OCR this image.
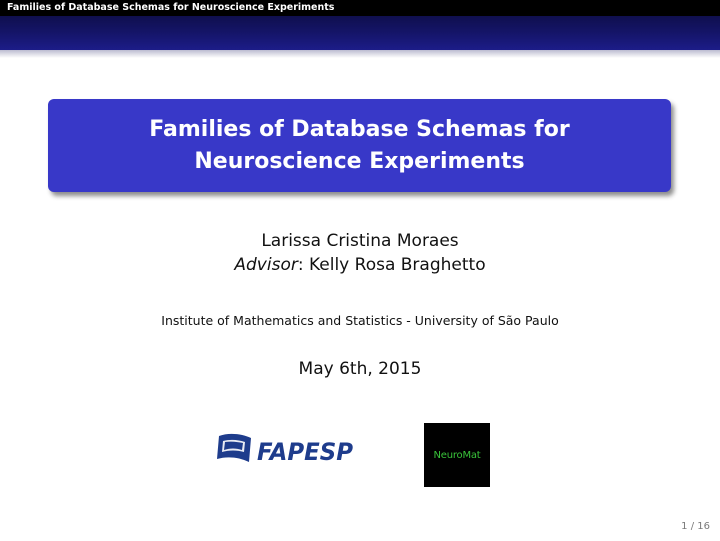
Families of Database Schemas for Neuroscience Experiments
Families of Database Schemas for
Neuroscience Experiments
Larissa Cristina Moraes
Advisor: Kelly Rosa Braghetto
Institute of Mathematics and Statistics - University of São Paulo
May 6th, 2015
FAPESP	NeuroMat
1 / 16
